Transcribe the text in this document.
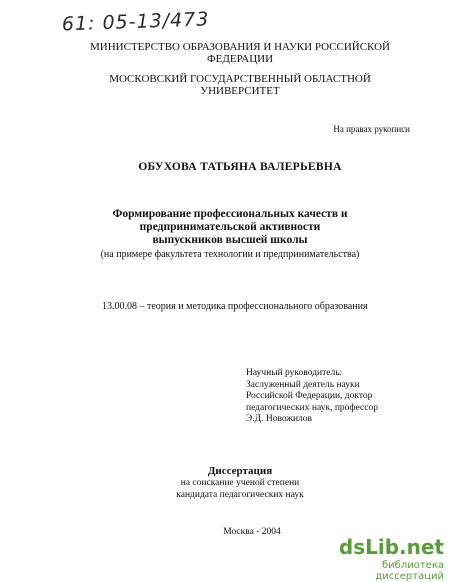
61: 05-13/473
МИНИСТЕРСТВО ОБРАЗОВАНИЯ И НАУКИ РОССИЙСКОЙ
ФЕДЕРАЦИИ
МОСКОВСКИЙ ГОСУДАРСТВЕННЫЙ ОБЛАСТНОЙ
УНИВЕРСИТЕТ
На правах рукописи
ОБУХОВА ТАТЬЯНА ВАЛЕРЬЕВНА
Формирование профессиональных качеств и
предпринимательской активности
выпускников высшей школы
(на примере факультета технологии и предпринимательства)
13.00.08 – теория и методика профессионального образования
Научный руководитель:
Заслуженный деятель науки
Российской Федерации, доктор
педагогических наук, профессор
Э.Д. Новожилов
Диссертация
на соискание ученой степени
кандидата педагогических наук
Москва - 2004
dsLib.net
библиотека диссертаций
